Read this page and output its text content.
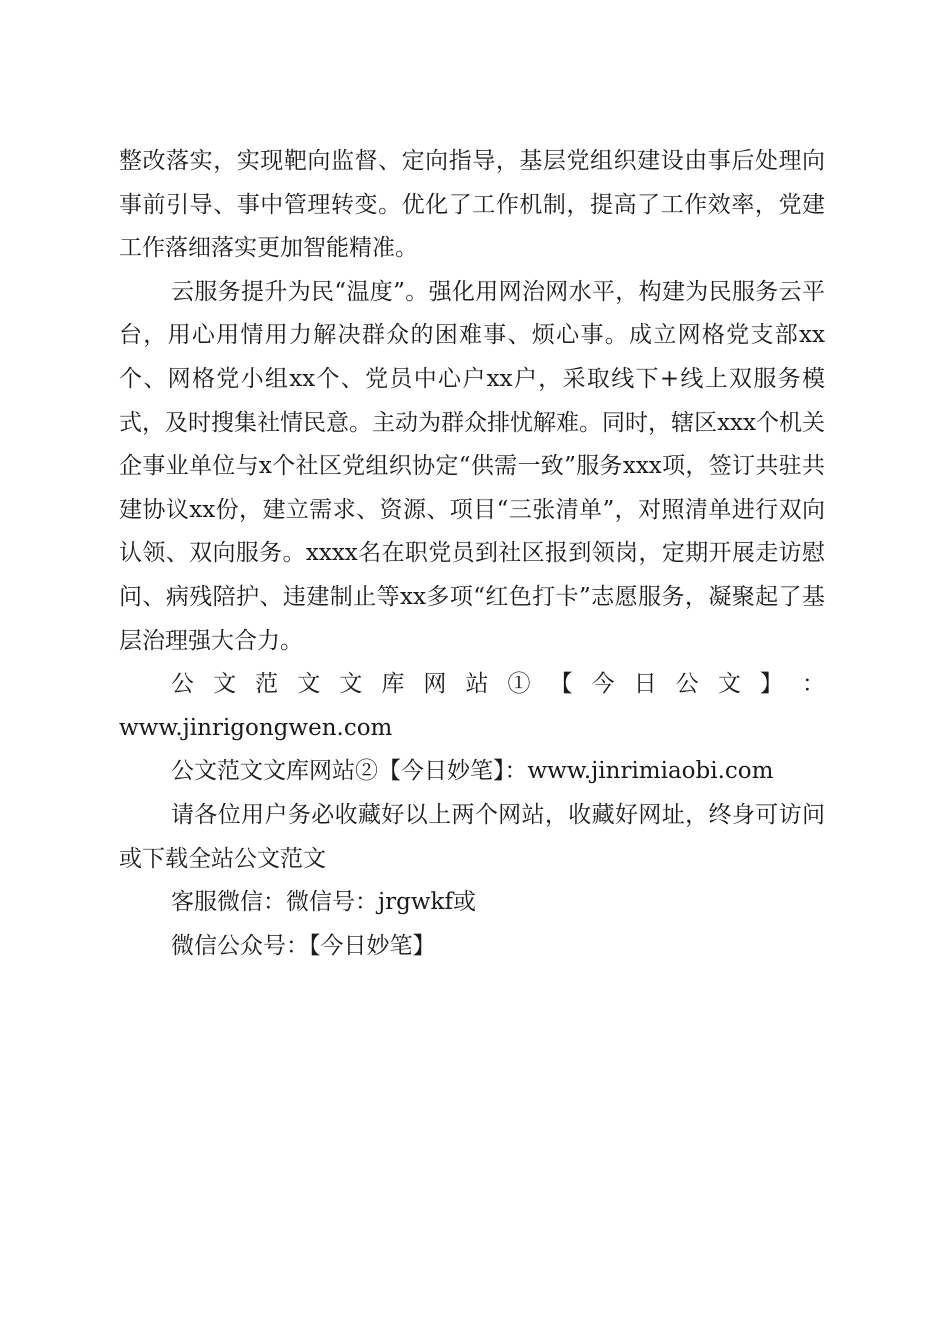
整改落实，实现靶向监督、定向指导，基层党组织建设由事后处理向事前引导、事中管理转变。优化了工作机制，提高了工作效率，党建工作落细落实更加智能精准。

云服务提升为民“温度”。强化用网治网水平，构建为民服务云平台，用心用情用力解决群众的困难事、烦心事。成立网格党支部xx个、网格党小组xx个、党员中心户xx户，采取线下+线上双服务模式，及时搜集社情民意。主动为群众排忧解难。同时，辖区xxx个机关企事业单位与x个社区党组织协定“供需一致”服务xxx项，签订共驻共建协议xx份，建立需求、资源、项目“三张清单”，对照清单进行双向认领、双向服务。xxxx名在职党员到社区报到领岗，定期开展走访慰问、病残陪护、违建制止等xx多项“红色打卡”志愿服务，凝聚起了基层治理强大合力。

公 文 范 文 文 库 网 站 ① 【 今 日 公 文 】 ：

www.jinrigongwen.com

公文范文文库网站②【今日妙笔】：www.jinrimiaobi.com

请各位用户务必收藏好以上两个网站，收藏好网址，终身可访问或下载全站公文范文

客服微信：微信号：jrgwkf或

微信公众号：【今日妙笔】
